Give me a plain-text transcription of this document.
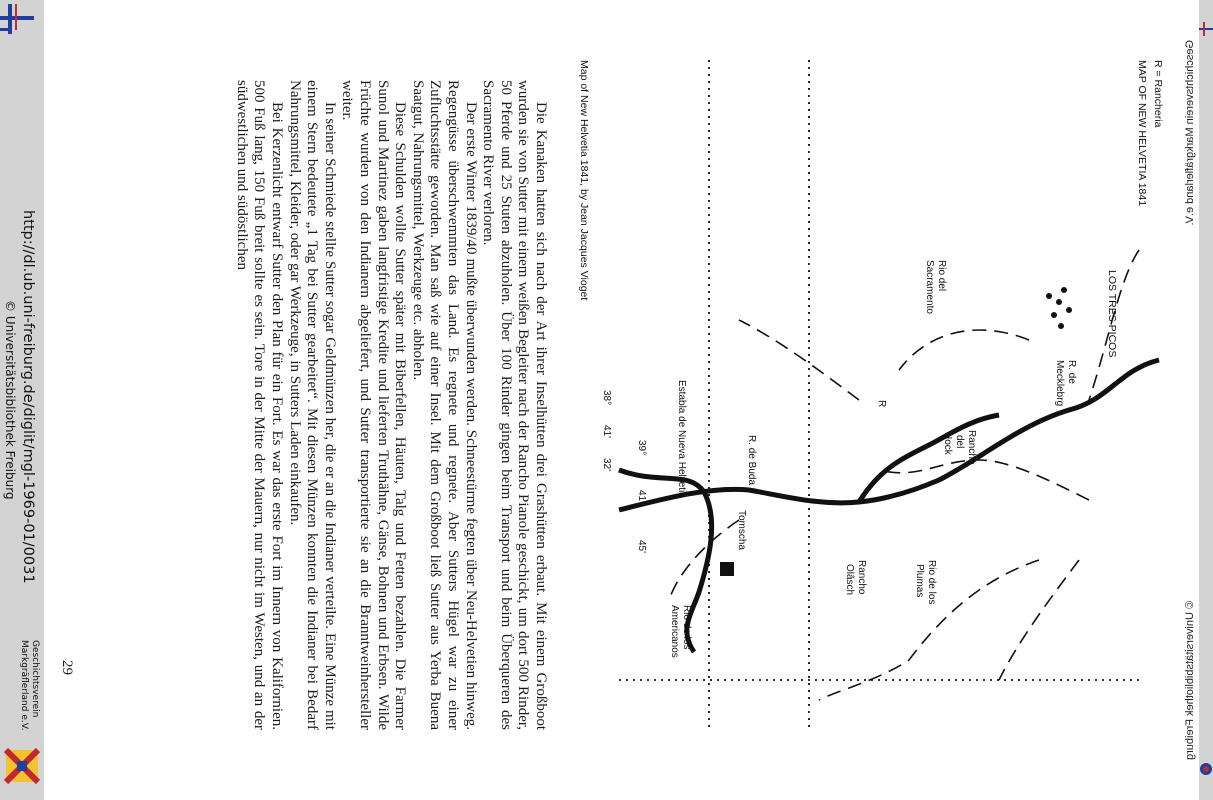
http://dl.ub.uni-freiburg.de/diglit/mgl-1969-01/0031
© Universitätsbibliothek Freiburg
Geschichtsverein
Markgräflerland e.V.
Geschichtsverein Markgräflerland e.V.
© Universitätsbibliothek Freiburg
LOS TRES PICOS
R. de
Mecklebrg
R. de Buda
Tomscha
Rancho
del
Hock
Rio del
Sacramento
Rancho
Olâsch	Rio de los
Plumas
Rio de los
Americanos
Establa de Nueva Helvetia
39°
41'
45'
38°
41'
32'
R
MAP OF NEW HELVETIA 1841 R = Rancheria
Map of New Helvetia 1841, by Jean Jacques Vioget

Die Kanaken hatten sich nach der Art ihrer Inselhütten drei Grashütten erbaut. Mit einem Großboot wurden sie von Sutter mit einem weißen Begleiter nach der Rancho Pianole geschickt, um dort 500 Rinder, 50 Pferde und 25 Stuten abzuholen. Über 100 Rinder gingen beim Transport und beim Überqueren des Sacramento River verloren.

Der erste Winter 1839/40 mußte überwunden werden. Schneestürme fegten über Neu-Helvetien hinweg. Regengüsse überschwemmten das Land. Es regnete und regnete. Aber Sutters Hügel war zu einer Zufluchtsstätte geworden. Man saß wie auf einer Insel. Mit dem Großboot ließ Sutter aus Yerba Buena Saatgut, Nahrungsmittel, Werkzeuge etc. abholen.

Diese Schulden wollte Sutter später mit Biberfellen, Häuten, Talg und Fetten bezahlen. Die Farmer Sunol und Martinez gaben langfristige Kredite und lieferten Truthähne, Gänse, Bohnen und Erbsen. Wilde Früchte wurden von den Indianern abgeliefert, und Sutter transportierte sie an die Branntweinhersteller weiter.

In seiner Schmiede stellte Sutter sogar Geldmünzen her, die er an die Indianer verteilte. Eine Münze mit einem Stern bedeutete „1 Tag bei Sutter gearbeitet“. Mit diesen Münzen konnten die Indianer bei Bedarf Nahrungsmittel, Kleider, oder gar Werkzeuge, in Sutters Laden einkaufen.

Bei Kerzenlicht entwarf Sutter den Plan für ein Fort. Es war das erste Fort im Innern von Kalifornien. 500 Fuß lang, 150 Fuß breit sollte es sein. Tore in der Mitte der Mauern, nur nicht im Westen, und an der südwestlichen und südöstlichen

29
